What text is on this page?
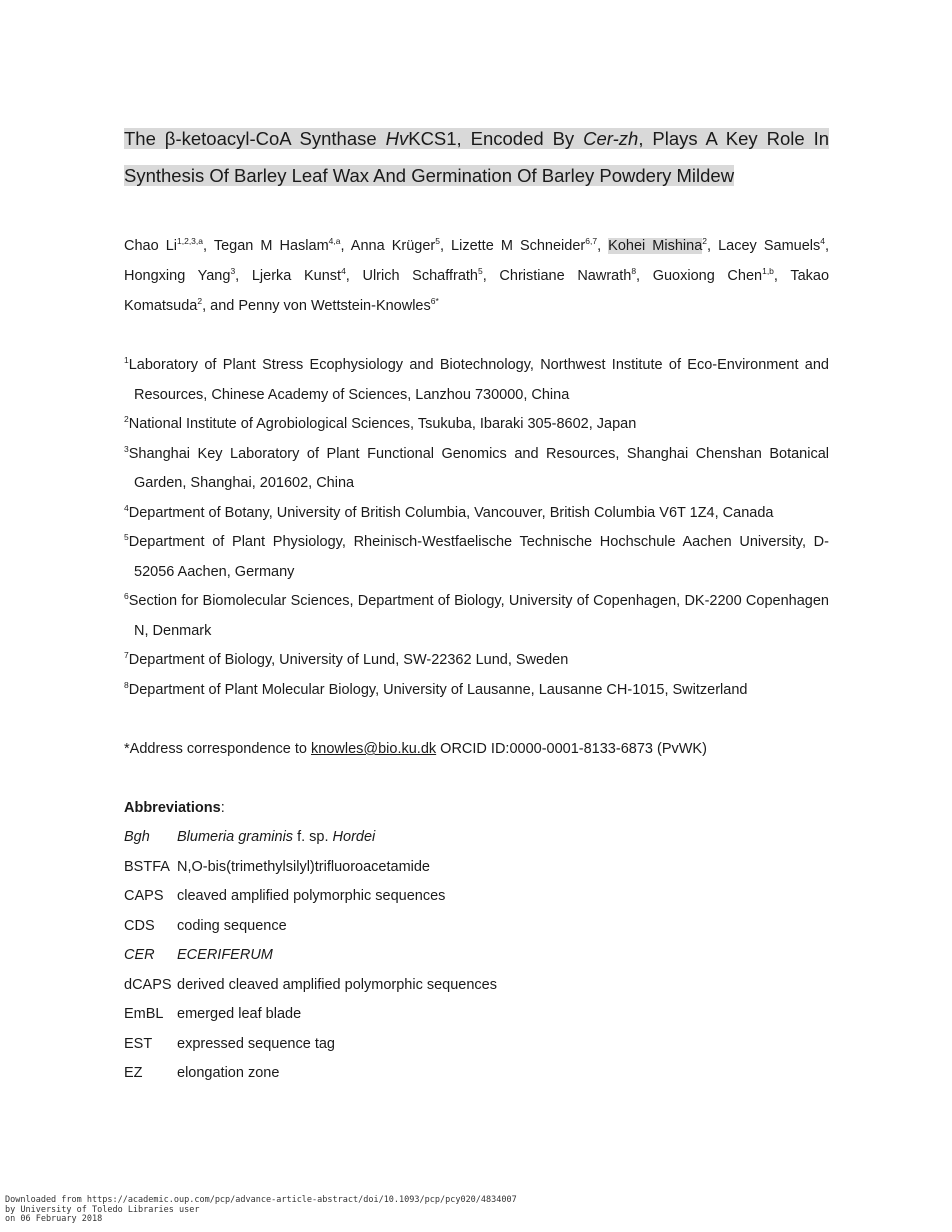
The β-ketoacyl-CoA Synthase HvKCS1, Encoded By Cer-zh, Plays A Key Role In Synthesis Of Barley Leaf Wax And Germination Of Barley Powdery Mildew
Chao Li$^{1,2,3,a}$, Tegan M Haslam$^{4,a}$, Anna Krüger$^5$, Lizette M Schneider$^{6,7}$, Kohei Mishina$^2$, Lacey Samuels$^4$, Hongxing Yang$^3$, Ljerka Kunst$^4$, Ulrich Schaffrath$^5$, Christiane Nawrath$^8$, Guoxiong Chen$^{1,b}$, Takao Komatsuda$^2$, and Penny von Wettstein-Knowles$^{6*}$
$^1$Laboratory of Plant Stress Ecophysiology and Biotechnology, Northwest Institute of Eco‑Environment and Resources, Chinese Academy of Sciences, Lanzhou 730000, China
$^2$National Institute of Agrobiological Sciences, Tsukuba, Ibaraki 305-8602, Japan
$^3$Shanghai Key Laboratory of Plant Functional Genomics and Resources, Shanghai Chenshan Botanical Garden, Shanghai, 201602, China
$^4$Department of Botany, University of British Columbia, Vancouver, British Columbia V6T 1Z4, Canada
$^5$Department of Plant Physiology, Rheinisch-Westfaelische Technische Hochschule Aachen University, D-52056 Aachen, Germany
$^6$Section for Biomolecular Sciences, Department of Biology, University of Copenhagen, DK-2200 Copenhagen N, Denmark
$^7$Department of Biology, University of Lund, SW-22362 Lund, Sweden
$^8$Department of Plant Molecular Biology, University of Lausanne, Lausanne CH-1015, Switzerland
*Address correspondence to knowles@bio.ku.dk ORCID ID:0000-0001-8133-6873 (PvWK)
Abbreviations:
Bgh	Blumeria graminis f. sp. Hordei
BSTFA N,O-bis(trimethylsilyl)trifluoroacetamide
CAPS cleaved amplified polymorphic sequences
CDS	coding sequence
CER	ECERIFERUM
dCAPS derived cleaved amplified polymorphic sequences
EmBL emerged leaf blade
EST	expressed sequence tag
EZ	elongation zone
Downloaded from https://academic.oup.com/pcp/advance-article-abstract/doi/10.1093/pcp/pcy020/4834007
by University of Toledo Libraries user
on 06 February 2018
